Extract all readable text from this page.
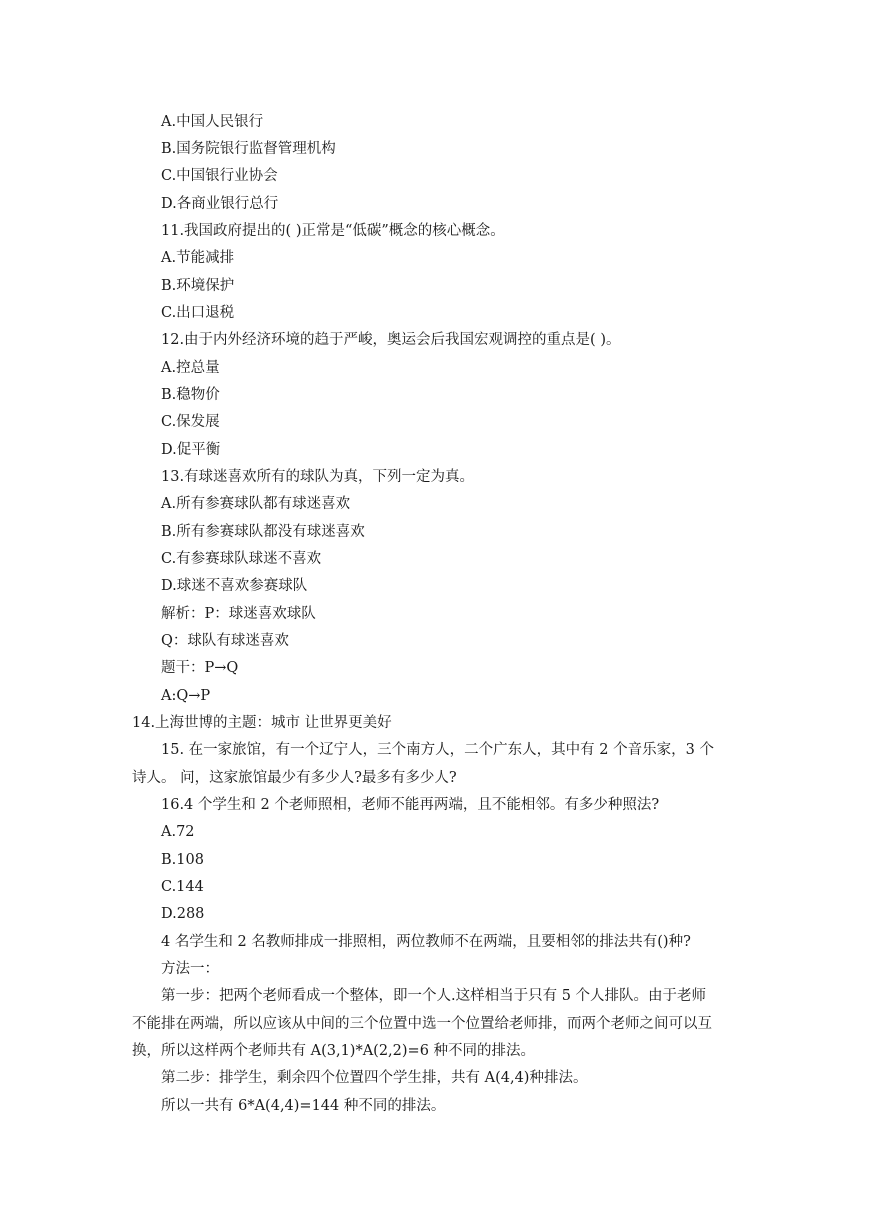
A.中国人民银行
B.国务院银行监督管理机构
C.中国银行业协会
D.各商业银行总行
11.我国政府提出的( )正常是“低碳”概念的核心概念。
A.节能减排
B.环境保护
C.出口退税
12.由于内外经济环境的趋于严峻，奥运会后我国宏观调控的重点是( )。
A.控总量
B.稳物价
C.保发展
D.促平衡
13.有球迷喜欢所有的球队为真，下列一定为真。
A.所有参赛球队都有球迷喜欢
B.所有参赛球队都没有球迷喜欢
C.有参赛球队球迷不喜欢
D.球迷不喜欢参赛球队
解析：P：球迷喜欢球队
Q：球队有球迷喜欢
题干：P→Q
A:Q→P
14.上海世博的主题：城市 让世界更美好
15. 在一家旅馆，有一个辽宁人，三个南方人，二个广东人，其中有 2 个音乐家，3 个
诗人。 问，这家旅馆最少有多少人?最多有多少人?
16.4 个学生和 2 个老师照相，老师不能再两端，且不能相邻。有多少种照法?
A.72
B.108
C.144
D.288
4 名学生和 2 名教师排成一排照相，两位教师不在两端，且要相邻的排法共有()种?
方法一：
第一步：把两个老师看成一个整体，即一个人.这样相当于只有 5 个人排队。由于老师
不能排在两端，所以应该从中间的三个位置中选一个位置给老师排，而两个老师之间可以互
换，所以这样两个老师共有 A(3,1)*A(2,2)=6 种不同的排法。
第二步：排学生，剩余四个位置四个学生排，共有 A(4,4)种排法。
所以一共有 6*A(4,4)=144 种不同的排法。
